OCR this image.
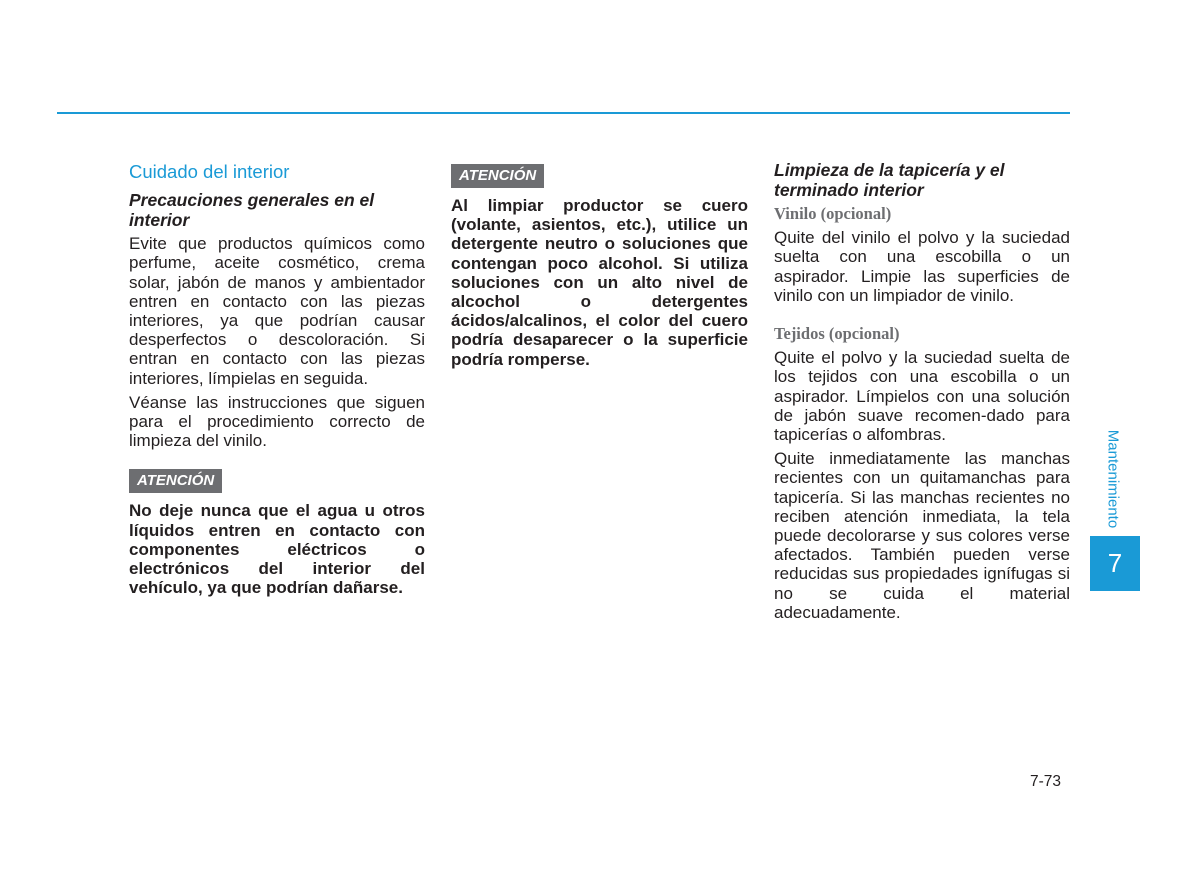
Cuidado del interior
Precauciones generales en el interior

Evite que productos químicos como perfume, aceite cosmético, crema solar, jabón de manos y ambientador entren en contacto con las piezas interiores, ya que podrían causar desperfectos o descoloración. Si entran en contacto con las piezas interiores, límpielas en seguida.

Véanse las instrucciones que siguen para el procedimiento correcto de limpieza del vinilo.

ATENCIÓN

No deje nunca que el agua u otros líquidos entren en contacto con componentes eléctricos o electrónicos del interior del vehículo, ya que podrían dañarse.

ATENCIÓN

Al limpiar productor se cuero (volante, asientos, etc.), utilice un detergente neutro o soluciones que contengan poco alcohol. Si utiliza soluciones con un alto nivel de alcochol o detergentes ácidos/alcalinos, el color del cuero podría desaparecer o la superficie podría romperse.

Limpieza de la tapicería y el terminado interior
Vinilo (opcional)

Quite del vinilo el polvo y la suciedad suelta con una escobilla o un aspirador. Limpie las superficies de vinilo con un limpiador de vinilo.

Tejidos (opcional)

Quite el polvo y la suciedad suelta de los tejidos con una escobilla o un aspirador. Límpielos con una solución de jabón suave recomen-dado para tapicerías o alfombras.

Quite inmediatamente las manchas recientes con un quitamanchas para tapicería. Si las manchas recientes no reciben atención inmediata, la tela puede decolorarse y sus colores verse afectados. También pueden verse reducidas sus propiedades ignífugas si no se cuida el material adecuadamente.

Mantenimiento
7
7-73
